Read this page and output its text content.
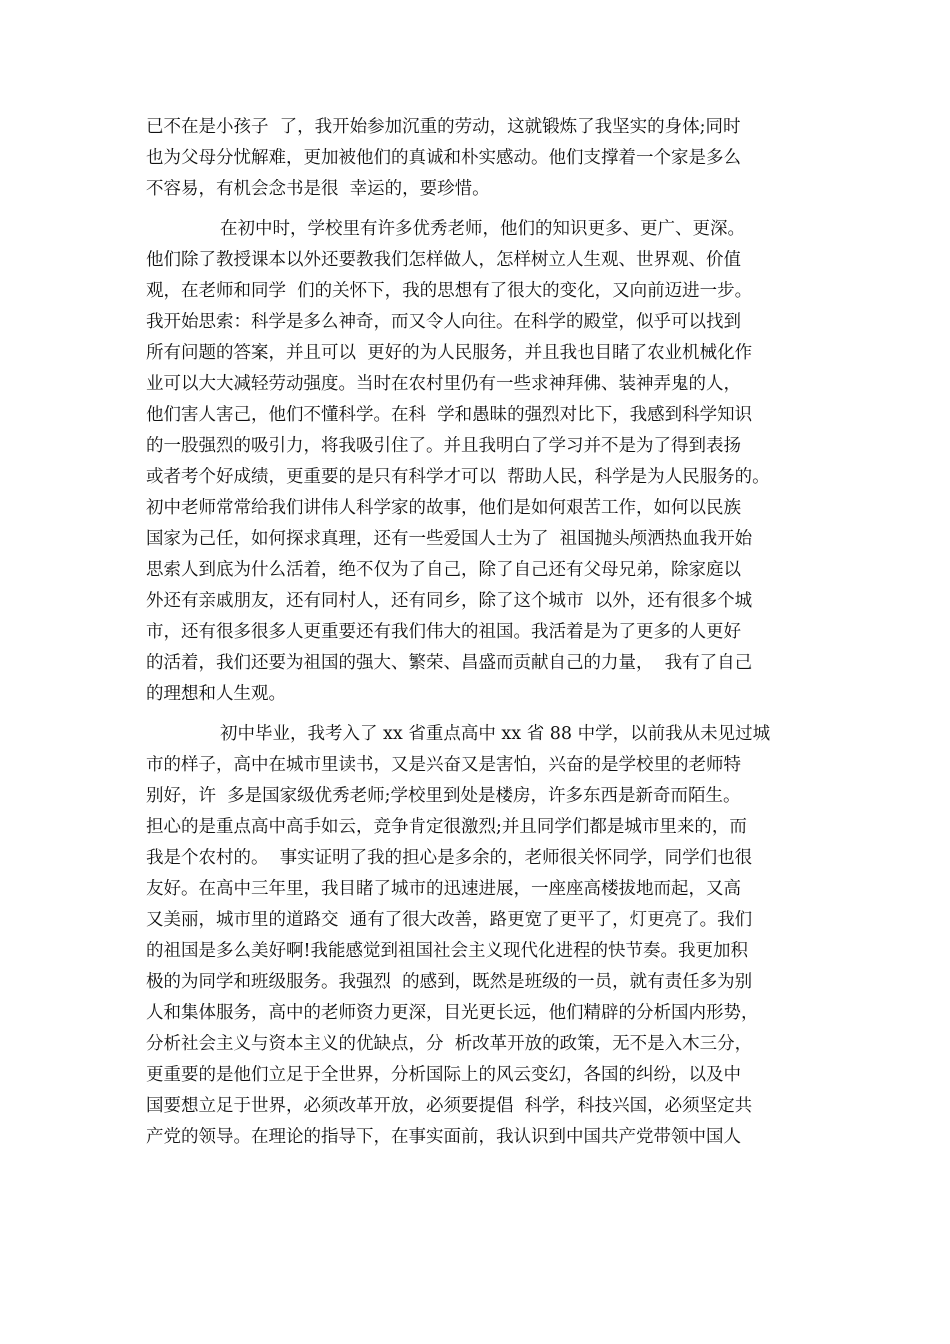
已不在是小孩子  了，我开始参加沉重的劳动，这就锻炼了我坚实的身体;同时
也为父母分忧解难，更加被他们的真诚和朴实感动。他们支撑着一个家是多么
不容易，有机会念书是很  幸运的，要珍惜。
在初中时，学校里有许多优秀老师，他们的知识更多、更广、更深。
他们除了教授课本以外还要教我们怎样做人，怎样树立人生观、世界观、价值
观，在老师和同学  们的关怀下，我的思想有了很大的变化，又向前迈进一步。
我开始思索：科学是多么神奇，而又令人向往。在科学的殿堂，似乎可以找到
所有问题的答案，并且可以  更好的为人民服务，并且我也目睹了农业机械化作
业可以大大减轻劳动强度。当时在农村里仍有一些求神拜佛、装神弄鬼的人，
他们害人害己，他们不懂科学。在科  学和愚昧的强烈对比下，我感到科学知识
的一股强烈的吸引力，将我吸引住了。并且我明白了学习并不是为了得到表扬
或者考个好成绩，更重要的是只有科学才可以  帮助人民，科学是为人民服务的。
初中老师常常给我们讲伟人科学家的故事，他们是如何艰苦工作，如何以民族
国家为己任，如何探求真理，还有一些爱国人士为了  祖国抛头颅洒热血我开始
思索人到底为什么活着，绝不仅为了自己，除了自己还有父母兄弟，除家庭以
外还有亲戚朋友，还有同村人，还有同乡，除了这个城市  以外，还有很多个城
市，还有很多很多人更重要还有我们伟大的祖国。我活着是为了更多的人更好
的活着，我们还要为祖国的强大、繁荣、昌盛而贡献自己的力量，  我有了自己
的理想和人生观。
初中毕业，我考入了 xx 省重点高中 xx 省 88 中学，以前我从未见过城
市的样子，高中在城市里读书，又是兴奋又是害怕，兴奋的是学校里的老师特
别好，许  多是国家级优秀老师;学校里到处是楼房，许多东西是新奇而陌生。
担心的是重点高中高手如云，竞争肯定很激烈;并且同学们都是城市里来的，而
我是个农村的。  事实证明了我的担心是多余的，老师很关怀同学，同学们也很
友好。在高中三年里，我目睹了城市的迅速进展，一座座高楼拔地而起，又高
又美丽，城市里的道路交  通有了很大改善，路更宽了更平了，灯更亮了。我们
的祖国是多么美好啊!我能感觉到祖国社会主义现代化进程的快节奏。我更加积
极的为同学和班级服务。我强烈  的感到，既然是班级的一员，就有责任多为别
人和集体服务，高中的老师资力更深，目光更长远，他们精辟的分析国内形势，
分析社会主义与资本主义的优缺点，分  析改革开放的政策，无不是入木三分，
更重要的是他们立足于全世界，分析国际上的风云变幻，各国的纠纷，以及中
国要想立足于世界，必须改革开放，必须要提倡  科学，科技兴国，必须坚定共
产党的领导。在理论的指导下，在事实面前，我认识到中国共产党带领中国人
